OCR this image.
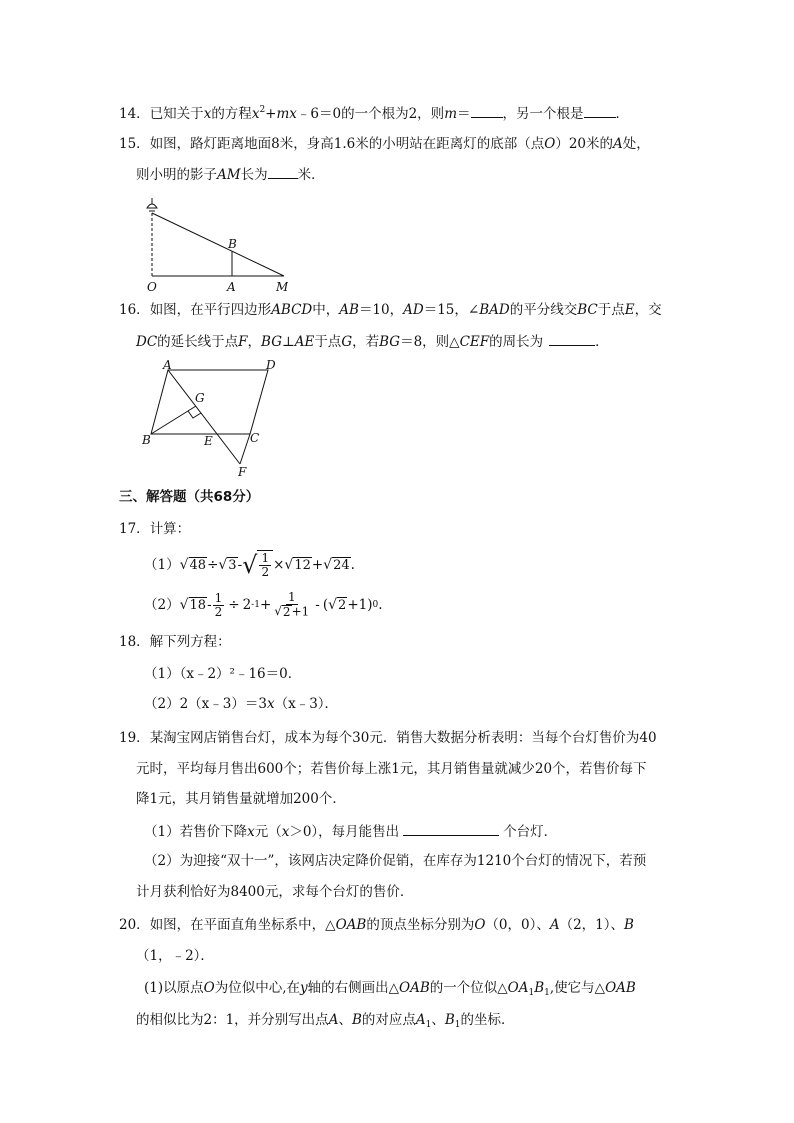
14．已知关于x的方程$x^2+mx﹣6=0$的一个根为2，则m＝ ，另一个根是 ．
15．如图，路灯距离地面8米，身高1.6米的小明站在距离灯的底部（点O）20米的A处，
则小明的影子AM长为 米．
B
O	A	M
16．如图，在平行四边形ABCD中，AB＝10，AD＝15，∠BAD的平分线交BC于点E，交
DC的延长线于点F，BG⊥AE于点G，若BG＝8，则△CEF的周长为	．
A	D
G
B	E	C
F
三、解答题（共68分）
17．计算：
（1） √ 48 ÷ √ 3 - √ $\frac{1}{2}$ × √ 12 + √ 24 .
（2） √ $18 - \frac{1}{2} \div 2$ $-1 + \frac{1}{√ 2 +1}$ - ( √ 2 +1) 0 .
18．解下列方程：
（1）（x﹣2）²﹣16＝0．
（2）2（x﹣3）＝3x（x﹣3）．
19．某淘宝网店销售台灯，成本为每个30元．销售大数据分析表明：当每个台灯售价为40
元时，平均每月售出600个；若售价每上涨1元，其月销售量就减少20个，若售价每下
降1元，其月销售量就增加200个．
（1）若售价下降x元（x＞0），每月能售出	个台灯．
（2）为迎接“双十一”，该网店决定降价促销，在库存为1210个台灯的情况下，若预
计月获利恰好为8400元，求每个台灯的售价．
20．如图，在平面直角坐标系中，△OAB的顶点坐标分别为O（0，0）、A（2，1）、B
（1，﹣2）．
(1)以原点O为位似中心,在y轴的右侧画出△OAB的一个位似$\triangle OA_1B_1$,使它与△OAB
的相似比为2：1，并分别写出点A、B的对应点$A_1$、$B_1$的坐标．
